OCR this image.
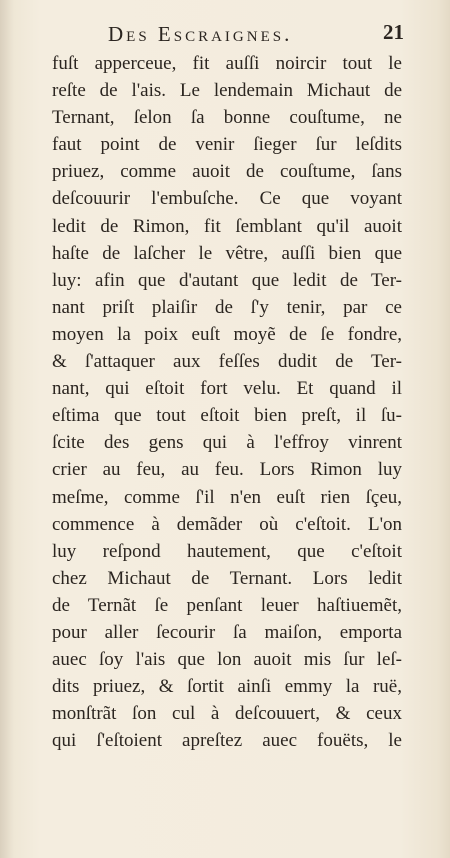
Des Escraignes.	21
fuſt apperceue, fit auſſi noircir tout le
reſte de l'ais. Le lendemain Michaut de
Ternant, ſelon ſa bonne couſtume, ne
faut point de venir ſieger ſur leſdits
priuez, comme auoit de couſtume, ſans
deſcouurir l'embuſche. Ce que voyant
ledit de Rimon, fit ſemblant qu'il auoit
haſte de laſcher le vêtre, auſſi bien que
luy: afin que d'autant que ledit de Ter-
nant priſt plaiſir de ſ'y tenir, par ce
moyen la poix euſt moyẽ de ſe fondre,
& ſ'attaquer aux feſſes dudit de Ter-
nant, qui eſtoit fort velu. Et quand il
eſtima que tout eſtoit bien preſt, il ſu-
ſcite des gens qui à l'effroy vinrent
crier au feu, au feu. Lors Rimon luy
meſme, comme ſ'il n'en euſt rien ſçeu,
commence à demãder où c'eſtoit. L'on
luy reſpond hautement, que c'eſtoit
chez Michaut de Ternant. Lors ledit
de Ternãt ſe penſant leuer haſtiuemẽt,
pour aller ſecourir ſa maiſon, emporta
auec ſoy l'ais que lon auoit mis ſur leſ-
dits priuez, & ſortit ainſi emmy la ruë,
monſtrãt ſon cul à deſcouuert, & ceux
qui ſ'eſtoient apreſtez auec fouëts, le
